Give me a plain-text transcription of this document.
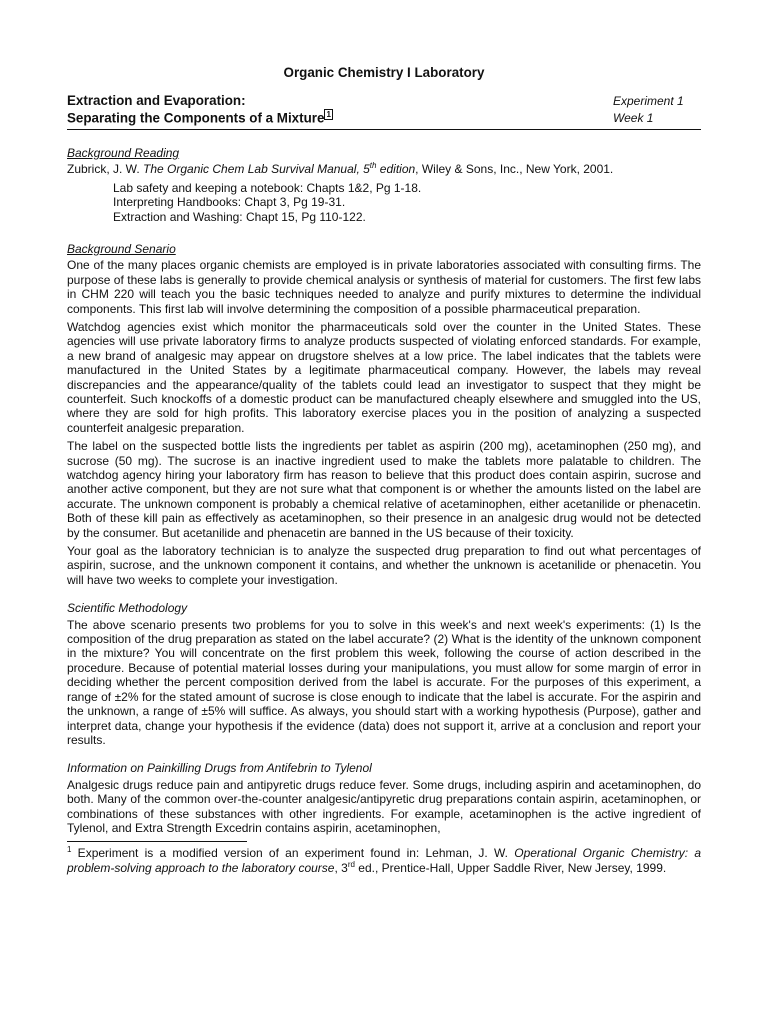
Organic Chemistry I Laboratory
Extraction and Evaporation:
Separating the Components of a Mixture 1
Experiment 1
Week 1
Background Reading

Zubrick, J. W. The Organic Chem Lab Survival Manual, 5th edition, Wiley & Sons, Inc., New York, 2001.

Lab safety and keeping a notebook: Chapts 1&2, Pg 1-18.
Interpreting Handbooks: Chapt 3, Pg 19-31.
Extraction and Washing: Chapt 15, Pg 110-122.
Background Senario

One of the many places organic chemists are employed is in private laboratories associated with consulting firms. The purpose of these labs is generally to provide chemical analysis or synthesis of material for customers. The first few labs in CHM 220 will teach you the basic techniques needed to analyze and purify mixtures to determine the individual components. This first lab will involve determining the composition of a possible pharmaceutical preparation.

Watchdog agencies exist which monitor the pharmaceuticals sold over the counter in the United States. These agencies will use private laboratory firms to analyze products suspected of violating enforced standards. For example, a new brand of analgesic may appear on drugstore shelves at a low price. The label indicates that the tablets were manufactured in the United States by a legitimate pharmaceutical company. However, the labels may reveal discrepancies and the appearance/quality of the tablets could lead an investigator to suspect that they might be counterfeit. Such knockoffs of a domestic product can be manufactured cheaply elsewhere and smuggled into the US, where they are sold for high profits. This laboratory exercise places you in the position of analyzing a suspected counterfeit analgesic preparation.

The label on the suspected bottle lists the ingredients per tablet as aspirin (200 mg), acetaminophen (250 mg), and sucrose (50 mg). The sucrose is an inactive ingredient used to make the tablets more palatable to children. The watchdog agency hiring your laboratory firm has reason to believe that this product does contain aspirin, sucrose and another active component, but they are not sure what that component is or whether the amounts listed on the label are accurate. The unknown component is probably a chemical relative of acetaminophen, either acetanilide or phenacetin. Both of these kill pain as effectively as acetaminophen, so their presence in an analgesic drug would not be detected by the consumer. But acetanilide and phenacetin are banned in the US because of their toxicity.

Your goal as the laboratory technician is to analyze the suspected drug preparation to find out what percentages of aspirin, sucrose, and the unknown component it contains, and whether the unknown is acetanilide or phenacetin. You will have two weeks to complete your investigation.

Scientific Methodology

The above scenario presents two problems for you to solve in this week's and next week's experiments: (1) Is the composition of the drug preparation as stated on the label accurate? (2) What is the identity of the unknown component in the mixture? You will concentrate on the first problem this week, following the course of action described in the procedure. Because of potential material losses during your manipulations, you must allow for some margin of error in deciding whether the percent composition derived from the label is accurate. For the purposes of this experiment, a range of ±2% for the stated amount of sucrose is close enough to indicate that the label is accurate. For the aspirin and the unknown, a range of ±5% will suffice. As always, you should start with a working hypothesis (Purpose), gather and interpret data, change your hypothesis if the evidence (data) does not support it, arrive at a conclusion and report your results.

Information on Painkilling Drugs from Antifebrin to Tylenol

Analgesic drugs reduce pain and antipyretic drugs reduce fever. Some drugs, including aspirin and acetaminophen, do both. Many of the common over-the-counter analgesic/antipyretic drug preparations contain aspirin, acetaminophen, or combinations of these substances with other ingredients. For example, acetaminophen is the active ingredient of Tylenol, and Extra Strength Excedrin contains aspirin, acetaminophen,

$^1$ Experiment is a modified version of an experiment found in: Lehman, J. W. Operational Organic Chemistry: a problem-solving approach to the laboratory course, 3rd ed., Prentice-Hall, Upper Saddle River, New Jersey, 1999.
